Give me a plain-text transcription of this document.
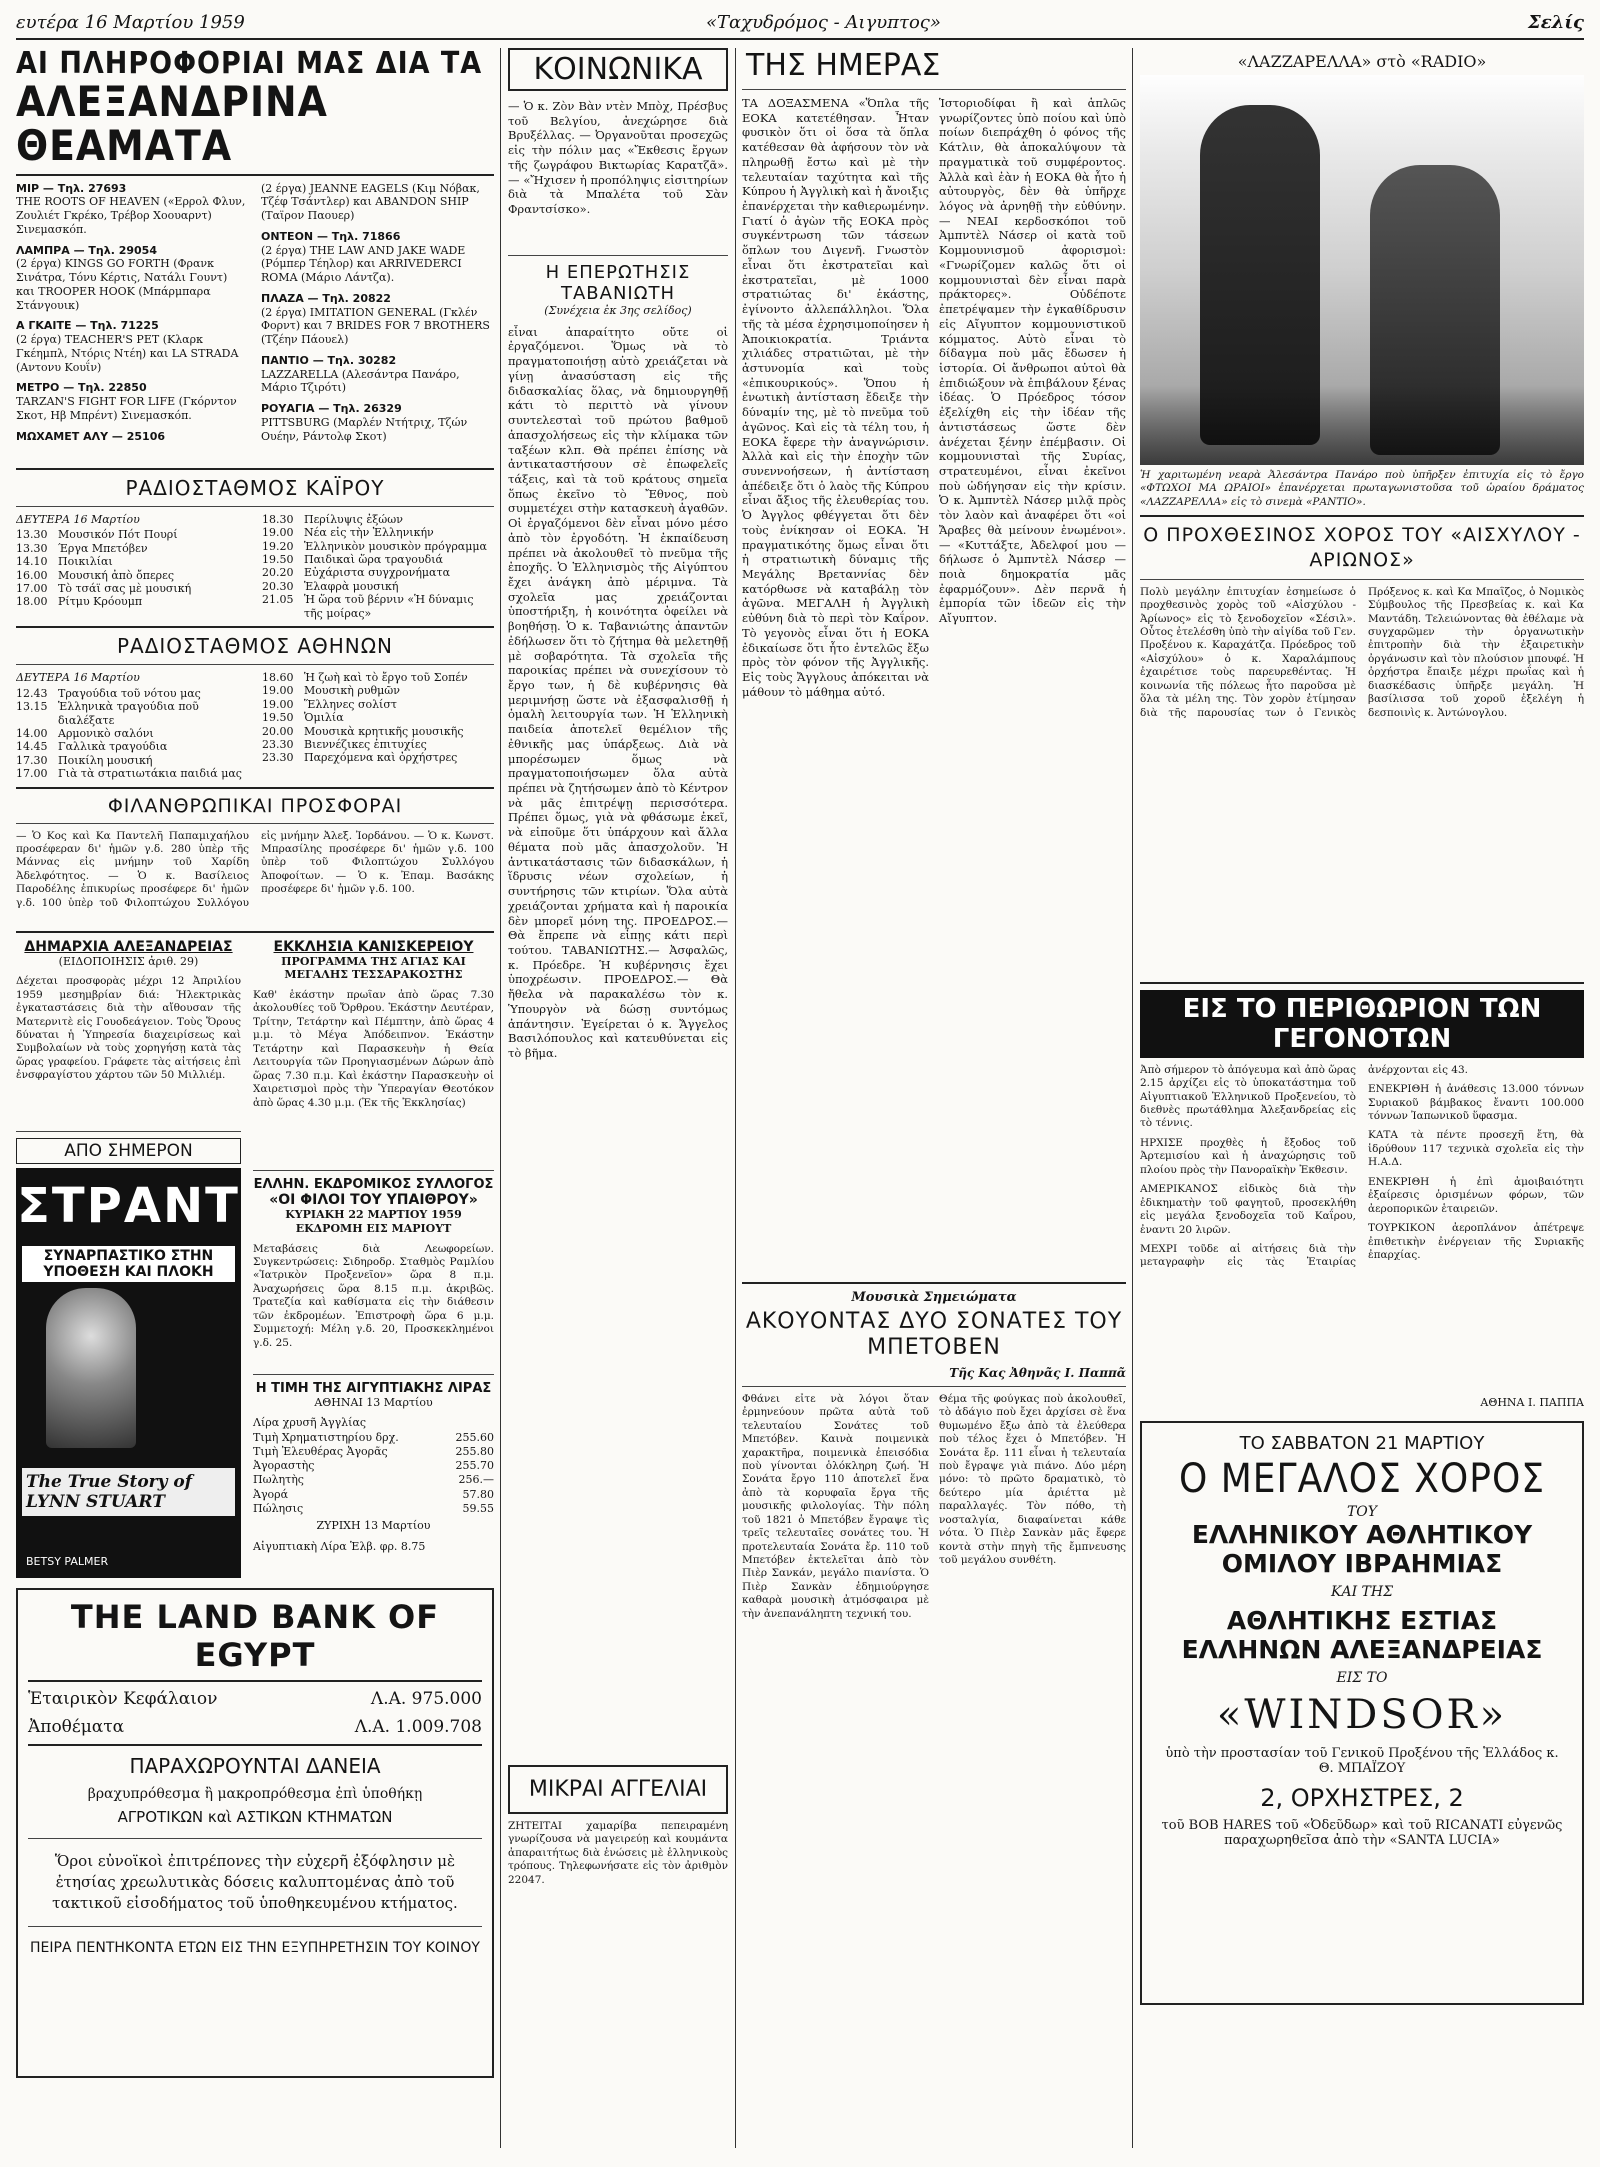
ευτέρα 16 Μαρτίου 1959	«Ταχυδρόμος - Αιγυπτος»	Σελίς
ΑΙ ΠΛΗΡΟΦΟΡΙΑΙ ΜΑΣ ΔΙΑ ΤΑ
ΑΛΕΞΑΝΔΡΙΝΑ ΘΕΑΜΑΤΑ
ΜΙΡ — Τηλ. 27693
THE ROOTS OF HEAVEN («Ερρολ Φλυν, Ζουλιέτ Γκρέκο, Τρέβορ Χοουαρντ) Σινεμασκόπ.
ΛΑΜΠΡΑ — Τηλ. 29054
(2 έργα) KINGS GO FORTH (Φρανκ Σινάτρα, Τόνυ Κέρτις, Νατάλι Γουντ) και TROOPER HOOK (Μπάρμπαρα Στάνγουικ)
Α ΓΚΑΙΤΕ — Τηλ. 71225
(2 έργα) TEACHER'S PET (Κλαρκ Γκέημπλ, Ντόρις Ντέη) και LA STRADA (Αντονυ Κουΐν)
ΜΕΤΡΟ — Τηλ. 22850
TARZAN'S FIGHT FOR LIFE (Γκόρντον Σκοτ, Ηβ Μπρέντ) Σινεμασκόπ.
ΜΩΧΑΜΕΤ ΑΛΥ — 25106
(2 έργα) JEANNE EAGELS (Κιμ Νόβακ, Τζέφ Τσάντλερ) και ABANDON SHIP (Ταϊρον Παουερ)
ΟΝΤΕΟΝ — Τηλ. 71866
(2 έργα) THE LAW AND JAKE WADE (Ρόμπερ Τέηλορ) και ARRIVEDERCI ROMA (Μάριο Λάντζα).
ΠΛΑΖΑ — Τηλ. 20822
(2 έργα) IMITATION GENERAL (Γκλέν Φορντ) και 7 BRIDES FOR 7 BROTHERS (Τζέην Πάουελ)
ΠΑΝΤΙΟ — Τηλ. 30282
LAZZARELLA (Αλεσάντρα Πανάρο, Μάριο Τζιρότι)
ΡΟΥΑΓΙΑ — Τηλ. 26329
PITTSBURG (Μαρλέν Ντήτριχ, Τζών Ουέην, Ράντολφ Σκοτ)
ΡΑΔΙΟΣΤΑΘΜΟΣ ΚΑΪΡΟΥ
ΔΕΥΤΕΡΑ 16 Μαρτίου
13.30 Μουσικόν Πότ Πουρί
13.30 Έργα Μπετόβεν
14.10 Ποικιλίαι
16.00 Μουσική ἀπὸ ὄπερες
17.00 Τὸ τσάϊ σας μὲ μουσική
18.00 Ρίτμυ Κρόουμπ
18.30 Περίλυψις ἐξώων
19.00 Νέα εἰς τὴν Ἑλληνικήν
19.20 Ἑλληνικὸν μουσικὸν πρόγραμμα
19.50 Παιδικαὶ ὥρα τραγουδιά
20.20 Εὐχάριστα συγχρονήματα
20.30 Ἑλαφρὰ μουσική
21.05 Ἡ ὥρα τοῦ βέρνιν «Ἡ δύναμις τῆς μοίρας»
ΡΑΔΙΟΣΤΑΘΜΟΣ ΑΘΗΝΩΝ
ΔΕΥΤΕΡΑ 16 Μαρτίου
12.43 Τραγούδια τοῦ νότου μας
13.15 Ἑλληνικὰ τραγούδια ποῦ διαλέξατε
14.00 Αρμονικὸ σαλόνι
14.45 Γαλλικὰ τραγούδια
17.30 Ποικίλη μουσική
17.00 Γιὰ τὰ στρατιωτάκια παιδιά μας
18.60 Ἡ ζωὴ καὶ τὸ ἔργο τοῦ Σοπέν
19.00 Μουσικὴ ρυθμῶν
19.00 Ἕλληνες σολίστ
19.50 Ὁμιλία
20.00 Μουσικὰ κρητικῆς μουσικῆς
23.30 Βιεννέζικες ἐπιτυχίες
23.30 Παρεχόμενα καὶ ὀρχήστρες
ΦΙΛΑΝΘΡΩΠΙΚΑΙ ΠΡΟΣΦΟΡΑΙ

— Ὁ Κος καὶ Κα Παντελῆ Παπαμιχαήλου προσέφεραν δι' ἡμῶν γ.δ. 280 ὑπὲρ τῆς Μάννας εἰς μνήμην τοῦ Χαρίδη Ἀδελφότητος. — Ὁ κ. Βασίλειος Παροδέλης ἐπικυρίως προσέφερε δι' ἡμῶν γ.δ. 100 ὑπὲρ τοῦ Φιλοπτώχου Συλλόγου εἰς μνήμην Ἀλεξ. Ἰορδάνου. — Ὁ κ. Κωνστ. Μπρασίλης προσέφερε δι' ἡμῶν γ.δ. 100 ὑπὲρ τοῦ Φιλοπτώχου Συλλόγου Ἀποφοίτων. — Ὁ κ. Ἐπαμ. Βασάκης προσέφερε δι' ἡμῶν γ.δ. 100.

ΔΗΜΑΡΧΙΑ ΑΛΕΞΑΝΔΡΕΙΑΣ
(ΕΙΔΟΠΟΙΗΣΙΣ ἀριθ. 29)

Δέχεται προσφορὰς μέχρι 12 Ἀπριλίου 1959 μεσημβρίαν διά: Ἠλεκτρικὰς ἐγκαταστάσεις διὰ τὴν αἴθουσαν τῆς Ματερνιτὲ εἰς Γουοδεάγειον. Τοὺς Ὅρους δύναται ἡ Ὑπηρεσία διαχειρίσεως καὶ Συμβολαίων νὰ τοὺς χορηγήσῃ κατὰ τὰς ὥρας γραφείου. Γράφετε τὰς αἰτήσεις ἐπὶ ἐνσφραγίστου χάρτου τῶν 50 Μιλλιέμ.

ΑΠΟ ΣΗΜΕΡΟΝ
ΣΤΡΑΝΤ
ΣΥΝΑΡΠΑΣΤΙΚΟ ΣΤΗΝ ΥΠΟΘΕΣΗ ΚΑΙ ΠΛΟΚΗ
The True Story of LYNN STUART
BETSY PALMER
ΕΚΚΛΗΣΙΑ ΚΑΝΙΣΚΕΡΕΙΟΥ
ΠΡΟΓΡΑΜΜΑ ΤΗΣ ΑΓΙΑΣ ΚΑΙ ΜΕΓΑΛΗΣ ΤΕΣΣΑΡΑΚΟΣΤΗΣ

Καθ' ἑκάστην πρωΐαν ἀπὸ ὥρας 7.30 ἀκολουθίες τοῦ Ὄρθρου. Ἑκάστην Δευτέραν, Τρίτην, Τετάρτην καὶ Πέμπτην, ἀπὸ ὥρας 4 μ.μ. τὸ Μέγα Ἀπόδειπνον. Ἑκάστην Τετάρτην καὶ Παρασκευὴν ἡ Θεία Λειτουργία τῶν Προηγιασμένων Δώρων ἀπὸ ὥρας 7.30 π.μ. Καὶ ἑκάστην Παρασκευὴν οἱ Χαιρετισμοὶ πρὸς τὴν Ὑπεραγίαν Θεοτόκον ἀπὸ ὥρας 4.30 μ.μ. (Ἐκ τῆς Ἐκκλησίας)

ΕΛΛΗΝ. ΕΚΔΡΟΜΙΚΟΣ ΣΥΛΛΟΓΟΣ
«ΟΙ ΦΙΛΟΙ ΤΟΥ ΥΠΑΙΘΡΟΥ»
ΚΥΡΙΑΚΗ 22 ΜΑΡΤΙΟΥ 1959 ΕΚΔΡΟΜΗ ΕΙΣ ΜΑΡΙΟΥΤ

Μεταβάσεις διὰ Λεωφορείων. Συγκεντρώσεις: Σιδηροδρ. Σταθμὸς Ραμλίου «Ἱατρικὸν Προξενεῖον» ὥρα 8 π.μ. Ἀναχωρήσεις ὥρα 8.15 π.μ. ἀκριβῶς. Τρατεζία καὶ καθίσματα εἰς τὴν διάθεσιν τῶν ἐκδρομέων. Ἐπιστροφὴ ὥρα 6 μ.μ. Συμμετοχή: Μέλη γ.δ. 20, Προσκεκλημένοι γ.δ. 25.

Η ΤΙΜΗ ΤΗΣ ΑΙΓΥΠΤΙΑΚΗΣ ΛΙΡΑΣ
ΑΘΗΝΑΙ 13 Μαρτίου
Λίρα χρυσῆ Ἀγγλίας
Τιμὴ Χρηματιστηρίου δρχ.	255.60
Τιμὴ Ἐλευθέρας Ἀγορᾶς	255.80
Ἀγοραστὴς	255.70
Πωλητὴς	256.—
Ἀγορά	57.80
Πώλησις	59.55
ΖΥΡΙΧΗ 13 Μαρτίου
Αἰγυπτιακὴ Λίρα Ἑλβ. φρ. 8.75
THE LAND BANK OF EGYPT
Ἑταιρικὸν Κεφάλαιον	Λ.Α. 975.000
Ἀποθέματα	Λ.Α. 1.009.708
ΠΑΡΑΧΩΡΟΥΝΤΑΙ ΔΑΝΕΙΑ
βραχυπρόθεσμα ἢ μακροπρόθεσμα ἐπὶ ὑποθήκῃ
ΑΓΡΟΤΙΚΩΝ καὶ ΑΣΤΙΚΩΝ ΚΤΗΜΑΤΩΝ
Ὅροι εὐνοϊκοὶ ἐπιτρέπονες τὴν εὐχερῆ ἐξόφλησιν μὲ ἐτησίας χρεωλυτικὰς δόσεις καλυπτομένας ἀπὸ τοῦ τακτικοῦ εἰσοδήματος τοῦ ὑποθηκευμένου κτήματος.
ΠΕΙΡΑ ΠΕΝΤΗΚΟΝΤΑ ΕΤΩΝ ΕΙΣ ΤΗΝ ΕΞΥΠΗΡΕΤΗΣΙΝ ΤΟΥ ΚΟΙΝΟΥ
ΚΟΙΝΩΝΙΚΑ

— Ὁ κ. Ζὸν Βὰν ντὲν Μπὸχ, Πρέσβυς τοῦ Βελγίου, ἀνεχώρησε διὰ Βρυξέλλας. — Ὀργανοῦται προσεχῶς εἰς τὴν πόλιν μας «Ἔκθεσις ἔργων τῆς ζωγράφου Βικτωρίας Καρατζᾶ». — «Ἤχισεν ἡ προπόληψις εἰσιτηρίων διὰ τὰ Μπαλέτα τοῦ Σὰν Φραντσίσκο».

Η ΕΠΕΡΩΤΗΣΙΣ ΤΑΒΑΝΙΩΤΗ
(Συνέχεια ἐκ 3ης σελίδος)

εἶναι ἀπαραίτητο οὔτε οἱ ἐργαζόμενοι. Ὅμως νὰ τὸ πραγματοποιήσῃ αὐτὸ χρειάζεται νὰ γίνῃ ἀνασύσταση εἰς τῆς διδασκαλίας ὅλας, νὰ δημιουργηθῇ κάτι τὸ περιττὸ νὰ γίνουν συντελεσταὶ τοῦ πρώτου βαθμοῦ ἀπασχολήσεως εἰς τὴν κλίμακα τῶν ταξέων κλπ. Θὰ πρέπει ἐπίσης νὰ ἀντικαταστήσουν σὲ ἐπωφελεῖς τάξεις, καὶ τὰ τοῦ κράτους σημεῖα ὅπως ἐκεῖνο τὸ Ἔθνος, ποὺ συμμετέχει στὴν κατασκευὴ ἀγαθῶν. Οἱ ἐργαζόμενοι δὲν εἶναι μόνο μέσο ἀπὸ τὸν ἐργοδότη. Ἡ ἐκπαίδευση πρέπει νὰ ἀκολουθεῖ τὸ πνεῦμα τῆς ἐποχῆς. Ὁ Ἑλληνισμὸς τῆς Αἰγύπτου ἔχει ἀνάγκη ἀπὸ μέριμνα. Τὰ σχολεῖα μας χρειάζονται ὑποστήριξη, ἡ κοινότητα ὀφείλει νὰ βοηθήσῃ. Ὁ κ. Ταβανιώτης ἀπαντῶν ἐδήλωσεν ὅτι τὸ ζήτημα θὰ μελετηθῇ μὲ σοβαρότητα. Τὰ σχολεῖα τῆς παροικίας πρέπει νὰ συνεχίσουν τὸ ἔργο των, ἡ δὲ κυβέρνησις θὰ μεριμνήσῃ ὥστε νὰ ἐξασφαλισθῇ ἡ ὁμαλὴ λειτουργία των. Ἡ Ἑλληνικὴ παιδεία ἀποτελεῖ θεμέλιον τῆς ἐθνικῆς μας ὑπάρξεως. Διὰ νὰ μπορέσωμεν ὅμως νὰ πραγματοποιήσωμεν ὅλα αὐτὰ πρέπει νὰ ζητήσωμεν ἀπὸ τὸ Κέντρον νὰ μᾶς ἐπιτρέψῃ περισσότερα. Πρέπει ὅμως, γιὰ νὰ φθάσωμε ἐκεῖ, νὰ εἰποῦμε ὅτι ὑπάρχουν καὶ ἄλλα θέματα ποὺ μᾶς ἀπασχολοῦν. Ἡ ἀντικατάστασις τῶν διδασκάλων, ἡ ἵδρυσις νέων σχολείων, ἡ συντήρησις τῶν κτιρίων. Ὅλα αὐτὰ χρειάζονται χρήματα καὶ ἡ παροικία δὲν μπορεῖ μόνη της. ΠΡΟΕΔΡΟΣ.— Θὰ ἔπρεπε νὰ εἶπῃς κάτι περὶ τούτου. ΤΑΒΑΝΙΩΤΗΣ.— Ἀσφαλῶς, κ. Πρόεδρε. Ἡ κυβέρνησις ἔχει ὑποχρέωσιν. ΠΡΟΕΔΡΟΣ.— Θὰ ἤθελα νὰ παρακαλέσω τὸν κ. Ὑπουργὸν νὰ δώσῃ συντόμως ἀπάντησιν. Ἐγείρεται ὁ κ. Ἄγγελος Βασιλόπουλος καὶ κατευθύνεται εἰς τὸ βῆμα.

ΜΙΚΡΑΙ ΑΓΓΕΛΙΑΙ

ΖΗΤΕΙΤΑΙ χαμαρίβα πεπειραμένη γνωρίζουσα νὰ μαγειρεύῃ καὶ κουμάντα ἀπαραιτήτως διὰ ἑνώσεις μὲ ἑλληνικοὺς τρόπους. Τηλεφωνήσατε εἰς τὸν ἀριθμὸν 22047.

ΤΗΣ ΗΜΕΡΑΣ

ΤΑ ΔΟΞΑΣΜΕΝΑ «Ὅπλα τῆς ΕΟΚΑ κατετέθησαν. Ἦταν φυσικὸν ὅτι οἱ ὅσα τὰ ὅπλα κατέθεσαν θὰ ἀφήσουν τὸν νὰ πληρωθῇ ἔστω καὶ μὲ τὴν τελευταίαν ταχύτητα καὶ τῆς Κύπρου ἡ Ἀγγλικὴ καὶ ἡ ἄνοιξις ἐπανέρχεται τὴν καθιερωμένην. Γιατί ὁ ἀγὼν τῆς ΕΟΚΑ πρὸς συγκέντρωση τῶν τάσεων ὅπλων του Διγενῆ. Γνωστὸν εἶναι ὅτι ἐκστρατεῖαι καὶ ἐκστρατεῖαι, μὲ 1000 στρατιώτας δι' ἑκάστης, ἐγίνοντο ἀλλεπάλληλοι. Ὅλα τῆς τὰ μέσα ἐχρησιμοποίησεν ἡ Ἀποικιοκρατία. Τριάντα χιλιάδες στρατιῶται, μὲ τὴν ἀστυνομία καὶ τοὺς «ἐπικουρικούς». Ὅπου ἡ ἑνωτικὴ ἀντίσταση ἔδειξε τὴν δύναμίν της, μὲ τὸ πνεῦμα τοῦ ἀγῶνος. Καὶ εἰς τὰ τέλη του, ἡ ΕΟΚΑ ἔφερε τὴν ἀναγνώρισιν. Ἀλλὰ καὶ εἰς τὴν ἐποχὴν τῶν συνεννοήσεων, ἡ ἀντίσταση ἀπέδειξε ὅτι ὁ λαὸς τῆς Κύπρου εἶναι ἄξιος τῆς ἐλευθερίας του. Ὁ Ἀγγλος φθέγγεται ὅτι δὲν τοὺς ἐνίκησαν οἱ ΕΟΚΑ. Ἡ πραγματικότης ὅμως εἶναι ὅτι ἡ στρατιωτικὴ δύναμις τῆς Μεγάλης Βρεταννίας δὲν κατόρθωσε νὰ καταβάλῃ τὸν ἀγῶνα. ΜΕΓΑΛΗ ἡ Ἀγγλικὴ εὐθύνη διὰ τὸ περὶ τὸν Καΐρον. Τὸ γεγονὸς εἶναι ὅτι ἡ ΕΟΚΑ ἐδικαίωσε ὅτι ἦτο ἐντελῶς ἔξω πρὸς τὸν φόνον τῆς Ἀγγλικῆς. Εἰς τοὺς Ἄγγλους ἀπόκειται νὰ μάθουν τὸ μάθημα αὐτό.

Ἱστοριοδίφαι ἢ καὶ ἁπλῶς γνωρίζοντες ὑπὸ ποίου καὶ ὑπὸ ποίων διεπράχθη ὁ φόνος τῆς Κάτλιν, θὰ ἀποκαλύψουν τὰ πραγματικὰ τοῦ συμφέροντος. Ἀλλὰ καὶ ἐὰν ἡ ΕΟΚΑ θὰ ἦτο ἡ αὐτουργὸς, δὲν θὰ ὑπῆρχε λόγος νὰ ἀρνηθῇ τὴν εὐθύνην. — ΝΕΑΙ κερδοσκόποι τοῦ Ἀμπντὲλ Νάσερ οἱ κατὰ τοῦ Κομμουνισμοῦ ἀφορισμοὶ: «Γνωρίζομεν καλῶς ὅτι οἱ κομμουνισταὶ δὲν εἶναι παρὰ πράκτορες». Οὐδέποτε ἐπετρέψαμεν τὴν ἐγκαθίδρυσιν εἰς Αἴγυπτον κομμουνιστικοῦ κόμματος. Αὐτὸ εἶναι τὸ δίδαγμα ποὺ μᾶς ἔδωσεν ἡ ἱστορία. Οἱ ἄνθρωποι αὐτοὶ θὰ ἐπιδιώξουν νὰ ἐπιβάλουν ξένας ἰδέας. Ὁ Πρόεδρος τόσον ἐξελίχθη εἰς τὴν ἰδέαν τῆς ἀντιστάσεως ὥστε δὲν ἀνέχεται ξένην ἐπέμβασιν. Οἱ κομμουνισταὶ τῆς Συρίας, στρατευμένοι, εἶναι ἐκεῖνοι ποὺ ὠδήγησαν εἰς τὴν κρίσιν. Ὁ κ. Ἀμπντὲλ Νάσερ μιλᾷ πρὸς τὸν λαὸν καὶ ἀναφέρει ὅτι «οἱ Ἄραβες θὰ μείνουν ἑνωμένοι». — «Κυττάξτε, Ἀδελφοί μου — δήλωσε ὁ Ἀμπντὲλ Νάσερ — ποιὰ δημοκρατία μᾶς ἐφαρμόζουν». Δὲν περνᾶ ἡ ἐμπορία τῶν ἰδεῶν εἰς τὴν Αἴγυπτον.

Μουσικὰ Σημειώματα
ΑΚΟΥΟΝΤΑΣ ΔΥΟ ΣΟΝΑΤΕΣ ΤΟΥ ΜΠΕΤΟΒΕΝ
Τῆς Κας Ἀθηνᾶς Ι. Παππᾶ

Φθάνει εἶτε νὰ λόγοι ὅταν ἐρμηνεύουν πρῶτα αὐτὰ τοῦ τελευταίου Σονάτες τοῦ Μπετόβεν. Καινὰ ποιμενικὰ χαρακτῆρα, ποιμενικὰ ἐπεισόδια ποὺ γίνονται ὁλόκληρη ζωή. Ἡ Σονάτα ἔργο 110 ἀποτελεῖ ἕνα ἀπὸ τὰ κορυφαῖα ἔργα τῆς μουσικῆς φιλολογίας. Τὴν πόλη τοῦ 1821 ὁ Μπετόβεν ἔγραψε τὶς τρεῖς τελευταῖες σονάτες του. Ἡ προτελευταία Σονάτα ἔρ. 110 τοῦ Μπετόβεν ἐκτελεῖται ἀπὸ τὸν Πιὲρ Σανκάν, μεγάλο πιανίστα. Ὁ Πιὲρ Σανκὰν ἐδημιούργησε καθαρὰ μουσικὴ ἀτμόσφαιρα μὲ τὴν ἀνεπανάληπτη τεχνική του.

Θέμα τῆς φούγκας ποὺ ἀκολουθεῖ, τὸ ἀδάγιο ποὺ ἔχει ἀρχίσει σὲ ἕνα θυμωμένο ἔξω ἀπὸ τὰ ἐλεύθερα ποὺ τέλος ἔχει ὁ Μπετόβεν. Ἡ Σονάτα ἔρ. 111 εἶναι ἡ τελευταία ποὺ ἔγραψε γιὰ πιάνο. Δύο μέρη μόνο: τὸ πρῶτο δραματικὸ, τὸ δεύτερο μία ἀριέττα μὲ παραλλαγές. Τὸν πόθο, τὴ νοσταλγία, διαφαίνεται κάθε νότα. Ὁ Πιὲρ Σανκὰν μᾶς ἔφερε κοντὰ στὴν πηγὴ τῆς ἔμπνευσης τοῦ μεγάλου συνθέτη.

«ΛΑΖΖΑΡΕΛΛΑ» στὸ «RADIO»

Ἡ χαριτωμένη νεαρὰ Ἀλεσάντρα Πανάρο ποὺ ὑπῆρξεν ἐπιτυχία εἰς τὸ ἔργο «ΦΤΩΧΟΙ ΜΑ ΩΡΑΙΟΙ» ἐπανέρχεται πρωταγωνιστοῦσα τοῦ ὡραίου δράματος «ΛΑΖΖΑΡΕΛΛΑ» εἰς τὸ σινεμὰ «ΡΑΝΤΙΟ».

Ο ΠΡΟΧΘΕΣΙΝΟΣ ΧΟΡΟΣ ΤΟΥ «ΑΙΣΧΥΛΟΥ - ΑΡΙΩΝΟΣ»

Πολὺ μεγάλην ἐπιτυχίαν ἐσημείωσε ὁ προχθεσινὸς χορὸς τοῦ «Αἰσχύλου - Ἀρίωνος» εἰς τὸ ξενοδοχεῖον «Σέσιλ». Οὗτος ἐτελέσθη ὑπὸ τὴν αἰγίδα τοῦ Γεν. Προξένου κ. Καραχάτζα. Πρόεδρος τοῦ «Αἰσχύλου» ὁ κ. Χαραλάμπους ἐχαιρέτισε τοὺς παρευρεθέντας. Ἡ κοινωνία τῆς πόλεως ἦτο παροῦσα μὲ ὅλα τὰ μέλη της. Τὸν χορὸν ἐτίμησαν διὰ τῆς παρουσίας των ὁ Γενικὸς Πρόξενος κ. καὶ Κα Μπαΐζος, ὁ Νομικὸς Σύμβουλος τῆς Πρεσβείας κ. καὶ Κα Μαντάδη. Τελειώνοντας θὰ ἐθέλαμε νὰ συγχαρῶμεν τὴν ὀργανωτικὴν ἐπιτροπὴν διὰ τὴν ἐξαιρετικὴν ὀργάνωσιν καὶ τὸν πλούσιον μπουφέ. Ἡ ὀρχήστρα ἔπαιξε μέχρι πρωΐας καὶ ἡ διασκέδασις ὑπῆρξε μεγάλη. Ἡ βασίλισσα τοῦ χοροῦ ἐξελέγη ἡ δεσποινὶς κ. Ἀντώνογλου.

ΕΙΣ ΤΟ ΠΕΡΙΘΩΡΙΟΝ ΤΩΝ ΓΕΓΟΝΟΤΩΝ

Ἀπὸ σήμερον τὸ ἀπόγευμα καὶ ἀπὸ ὥρας 2.15 ἀρχίζει εἰς τὸ ὑποκατάστημα τοῦ Αἰγυπτιακοῦ Ἑλληνικοῦ Προξενείου, τὸ διεθνὲς πρωτάθλημα Ἀλεξανδρείας εἰς τὸ τέννις.

ΗΡΧΙΣΕ προχθὲς ἡ ἔξοδος τοῦ Ἀρτεμισίου καὶ ἡ ἀναχώρησις τοῦ πλοίου πρὸς τὴν Πανοραϊκὴν Ἐκθεσιν.

ΑΜΕΡΙΚΑΝΟΣ εἰδικὸς διὰ τὴν ἐδικηματὴν τοῦ φαγητοῦ, προσεκλήθη εἰς μεγάλα ξενοδοχεῖα τοῦ Καΐρου, ἐναντι 20 λιρῶν.

ΜΕΧΡΙ τοῦδε αἱ αἰτήσεις διὰ τὴν μεταγραφὴν εἰς τὰς Ἑταιρίας ἀνέρχονται εἰς 43.

ΕΝΕΚΡΙΘΗ ἡ ἀνάθεσις 13.000 τόννων Συριακοῦ βάμβακος ἔναντι 100.000 τόννων Ἰαπωνικοῦ ὕφασμα.

ΚΑΤΑ τὰ πέντε προσεχῆ ἔτη, θὰ ἱδρύθουν 117 τεχνικὰ σχολεῖα εἰς τὴν Η.Α.Δ.

ΕΝΕΚΡΙΘΗ ἡ ἐπὶ ἀμοιβαιότητι ἐξαίρεσις ὁρισμένων φόρων, τῶν ἀεροπορικῶν ἑταιρειῶν.

ΤΟΥΡΚΙΚΟΝ ἀεροπλάνον ἀπέτρεψε ἐπιθετικὴν ἐνέργειαν τῆς Συριακῆς ἐπαρχίας.

ΑΘΗΝΑ Ι. ΠΑΠΠΑ
ΤΟ ΣΑΒΒΑΤΟΝ 21 ΜΑΡΤΙΟΥ
Ο ΜΕΓΑΛΟΣ ΧΟΡΟΣ
ΤΟΥ
ΕΛΛΗΝΙΚΟΥ ΑΘΛΗΤΙΚΟΥ
ΟΜΙΛΟΥ ΙΒΡΑΗΜΙΑΣ
ΚΑΙ ΤΗΣ
ΑΘΛΗΤΙΚΗΣ ΕΣΤΙΑΣ
ΕΛΛΗΝΩΝ ΑΛΕΞΑΝΔΡΕΙΑΣ
ΕΙΣ ΤΟ
«WINDSOR»
ὑπὸ τὴν προστασίαν τοῦ Γενικοῦ Προξένου τῆς Ἑλλάδος κ. Θ. ΜΠΑΪΖΟΥ
2, ΟΡΧΗΣΤΡΕΣ, 2
τοῦ BOB HARES τοῦ «Ὀδεῦδωρ» καὶ τοῦ RICANATI εὐγενῶς παραχωρηθεῖσα ἀπὸ τὴν «SANTA LUCIA»
